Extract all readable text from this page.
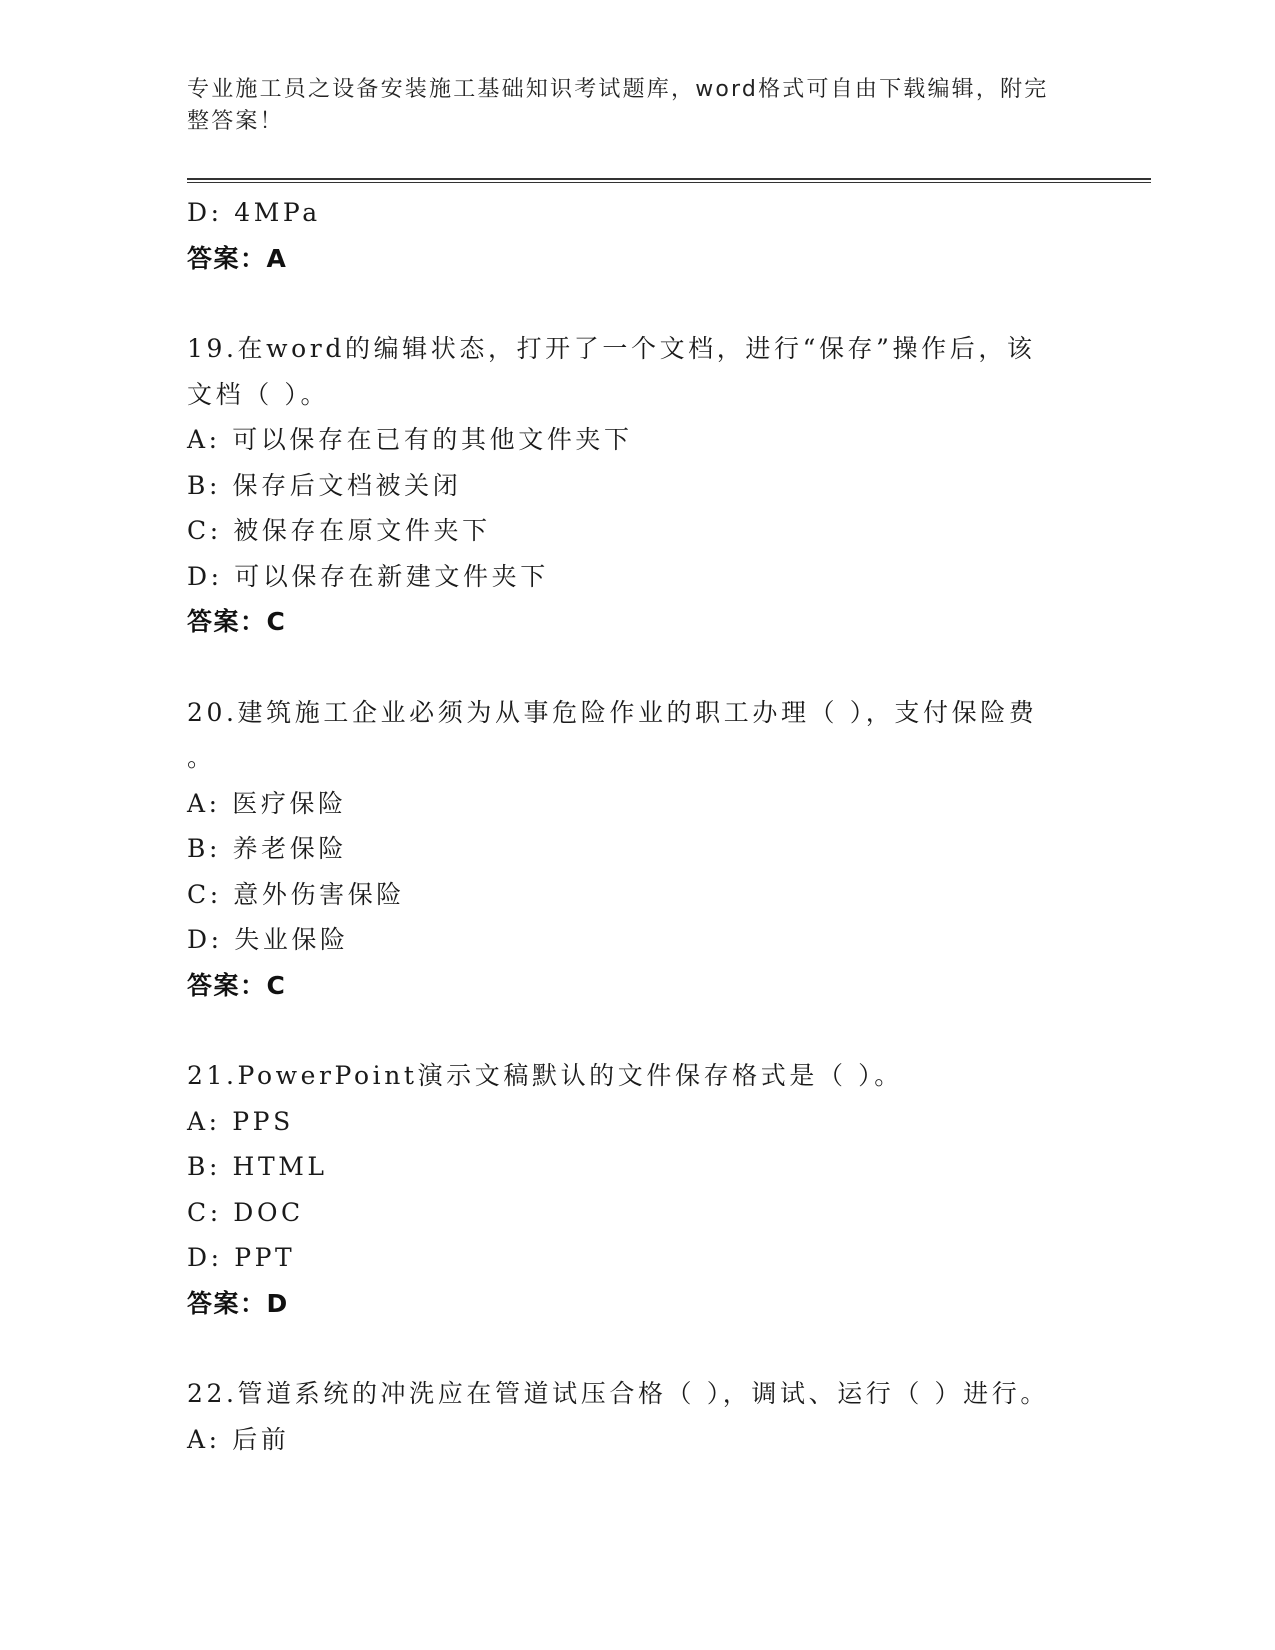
专业施工员之设备安装施工基础知识考试题库，word格式可自由下载编辑，附完
整答案！
D: 4MPa
答案：A
19.在word的编辑状态，打开了一个文档，进行“保存”操作后，该
文档（ ）。
A: 可以保存在已有的其他文件夹下
B: 保存后文档被关闭
C: 被保存在原文件夹下
D: 可以保存在新建文件夹下
答案：C
20.建筑施工企业必须为从事危险作业的职工办理（ ），支付保险费
。
A: 医疗保险
B: 养老保险
C: 意外伤害保险
D: 失业保险
答案：C
21.PowerPoint演示文稿默认的文件保存格式是（ ）。
A: PPS
B: HTML
C: DOC
D: PPT
答案：D
22.管道系统的冲洗应在管道试压合格（ ），调试、运行（ ）进行。
A: 后前
